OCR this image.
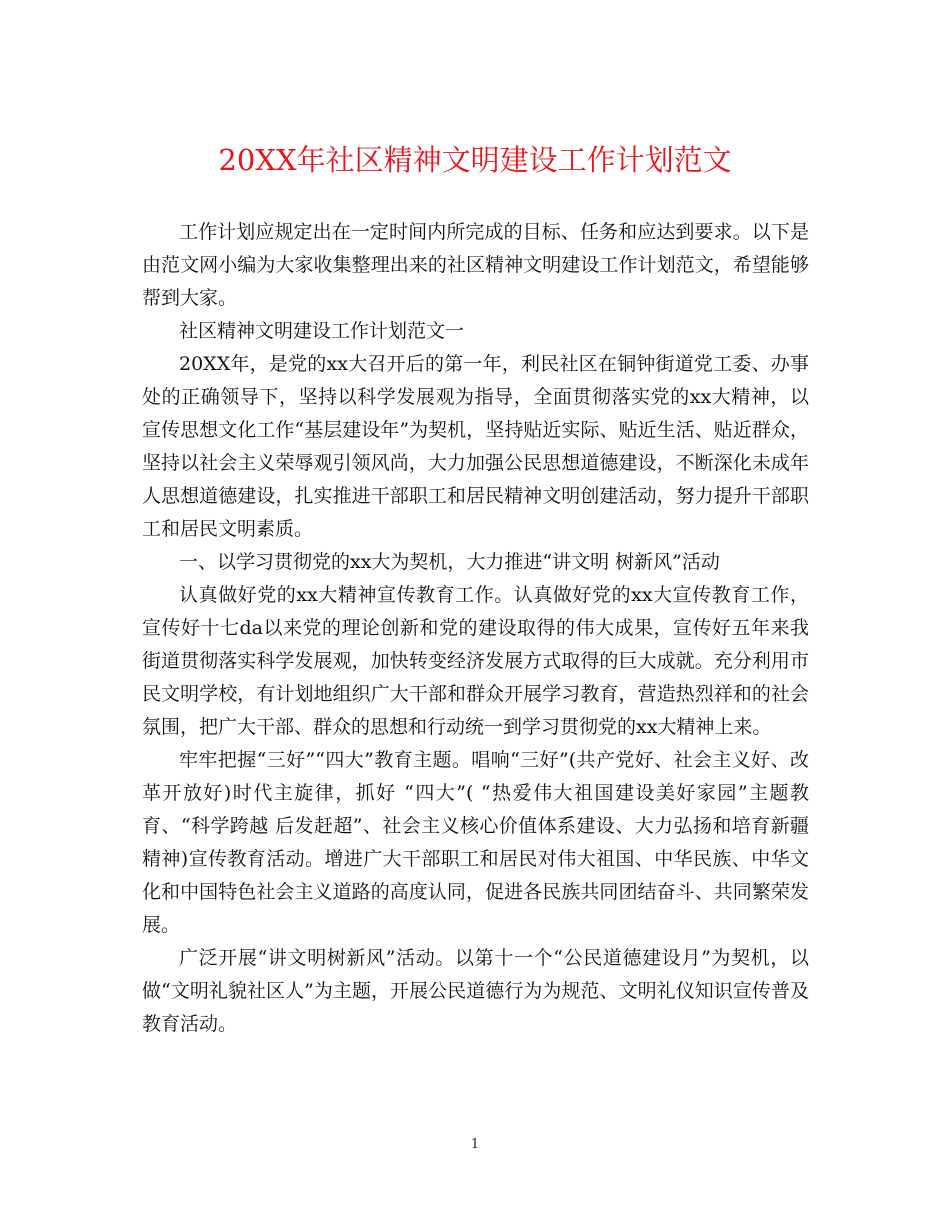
20XX年社区精神文明建设工作计划范文

工作计划应规定出在一定时间内所完成的目标、任务和应达到要求。以下是由范文网小编为大家收集整理出来的社区精神文明建设工作计划范文，希望能够帮到大家。

社区精神文明建设工作计划范文一

20XX年，是党的xx大召开后的第一年，利民社区在铜钟街道党工委、办事处的正确领导下，坚持以科学发展观为指导，全面贯彻落实党的xx大精神，以宣传思想文化工作“基层建设年”为契机，坚持贴近实际、贴近生活、贴近群众，坚持以社会主义荣辱观引领风尚，大力加强公民思想道德建设，不断深化未成年人思想道德建设，扎实推进干部职工和居民精神文明创建活动，努力提升干部职工和居民文明素质。

一、以学习贯彻党的xx大为契机，大力推进“讲文明 树新风”活动

认真做好党的xx大精神宣传教育工作。认真做好党的xx大宣传教育工作，宣传好十七da以来党的理论创新和党的建设取得的伟大成果，宣传好五年来我街道贯彻落实科学发展观，加快转变经济发展方式取得的巨大成就。充分利用市民文明学校，有计划地组织广大干部和群众开展学习教育，营造热烈祥和的社会氛围，把广大干部、群众的思想和行动统一到学习贯彻党的xx大精神上来。

牢牢把握“三好”“四大”教育主题。唱响“三好”(共产党好、社会主义好、改革开放好)时代主旋律，抓好 “四大”( “热爱伟大祖国建设美好家园”主题教育、“科学跨越 后发赶超”、社会主义核心价值体系建设、大力弘扬和培育新疆精神)宣传教育活动。增进广大干部职工和居民对伟大祖国、中华民族、中华文化和中国特色社会主义道路的高度认同，促进各民族共同团结奋斗、共同繁荣发展。

广泛开展“讲文明树新风”活动。以第十一个“公民道德建设月”为契机，以做“文明礼貌社区人”为主题，开展公民道德行为为规范、文明礼仪知识宣传普及教育活动。

1
